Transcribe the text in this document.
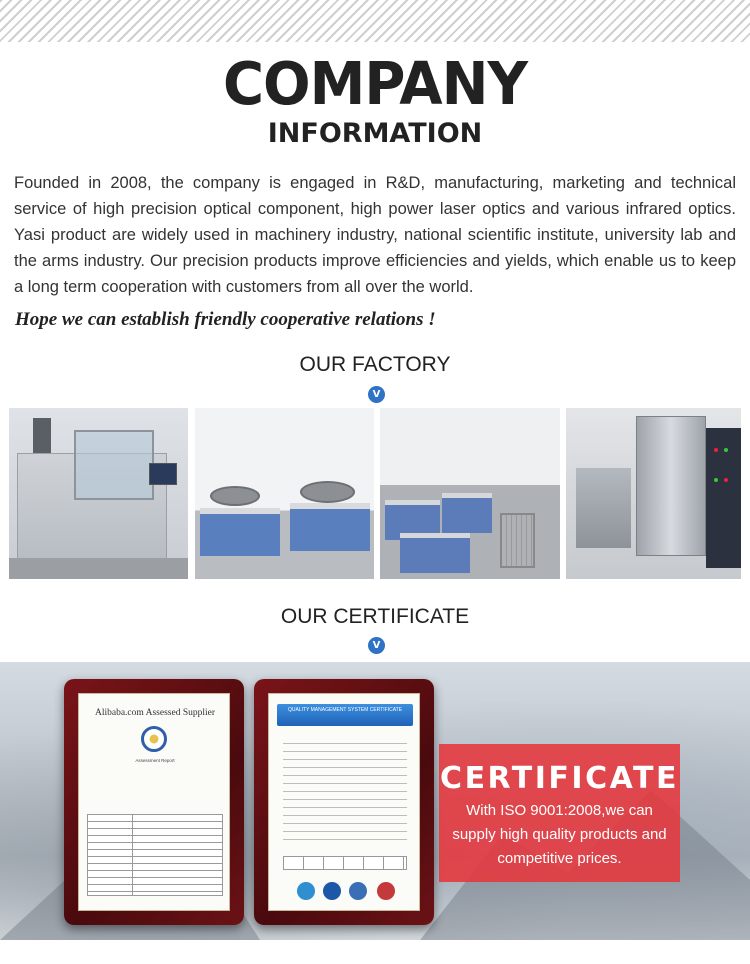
COMPANY
INFORMATION

Founded in 2008, the company is engaged in R&D, manufacturing, marketing and technical service of high precision optical component, high power laser optics and various infrared optics. Yasi product are widely used in machinery industry, national scientific institute, university lab and the arms industry. Our precision products improve efficiencies and yields, which enable us to keep a long term cooperation with customers from all over the world.

Hope we can establish friendly cooperative relations !
OUR FACTORY
V
OUR CERTIFICATE
V
Alibaba.com Assessed Supplier
Assessment Report
QUALITY MANAGEMENT SYSTEM CERTIFICATE
CERTIFICATE
With ISO 9001:2008,we can
supply high quality products and
competitive prices.
